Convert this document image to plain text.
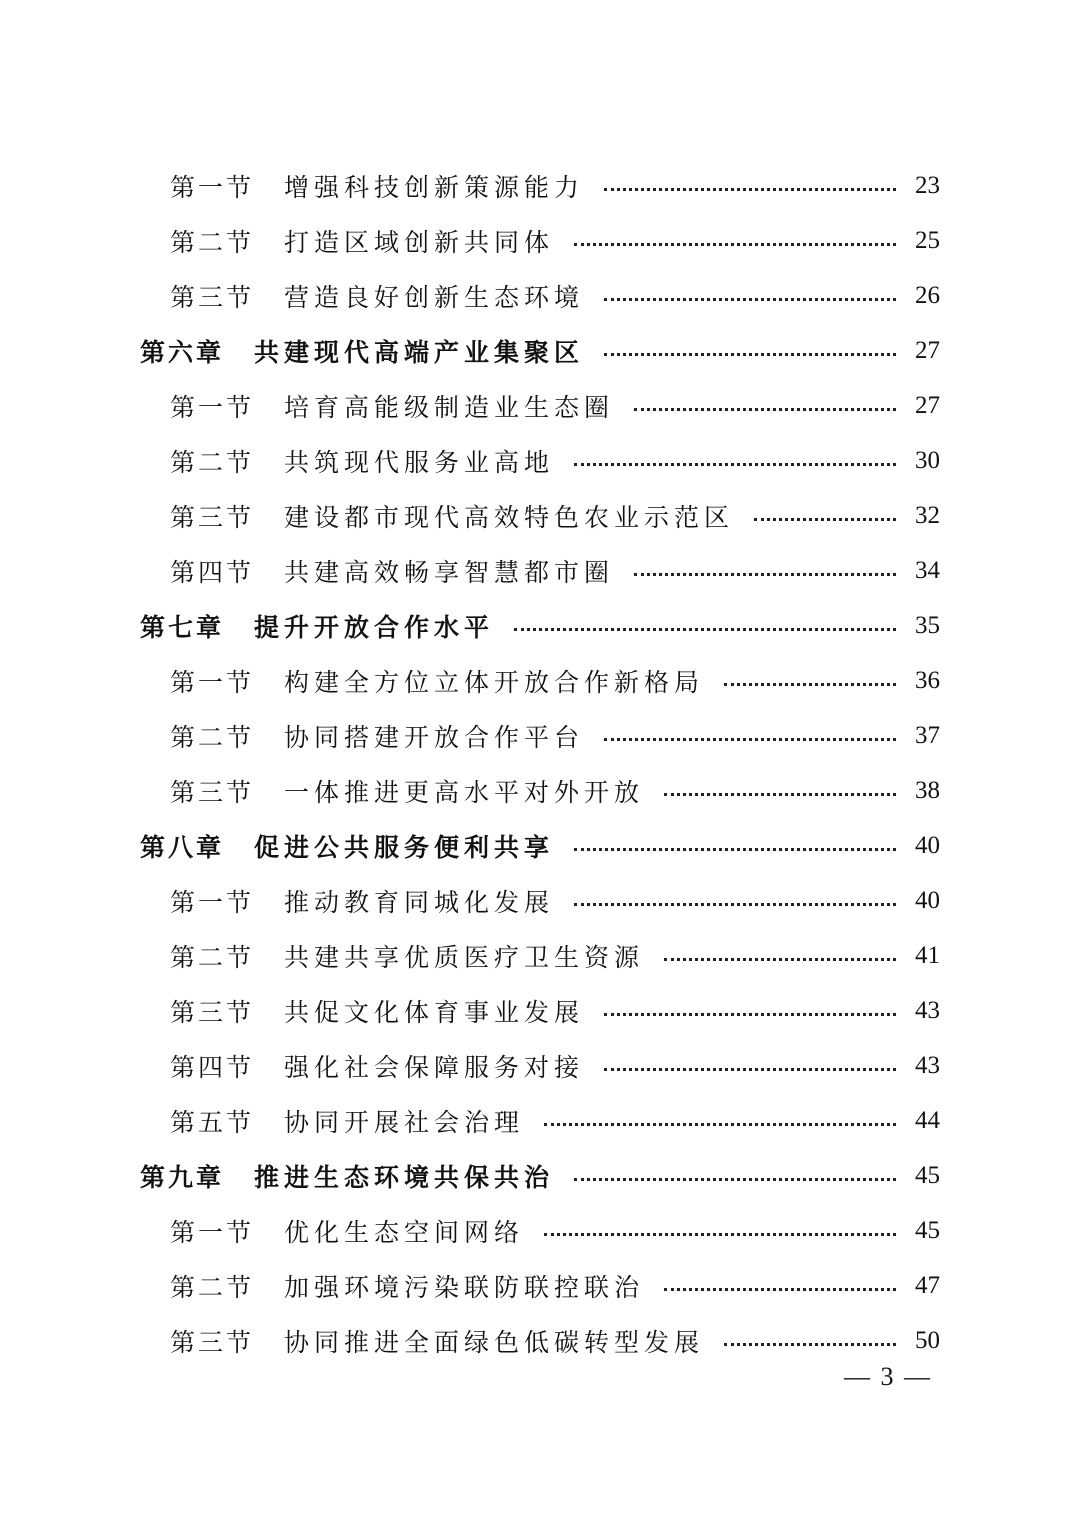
第一节	增强科技创新策源能力	23
第二节	打造区域创新共同体	25
第三节	营造良好创新生态环境	26
第六章	共建现代高端产业集聚区	27
第一节	培育高能级制造业生态圈	27
第二节	共筑现代服务业高地	30
第三节	建设都市现代高效特色农业示范区	32
第四节	共建高效畅享智慧都市圈	34
第七章	提升开放合作水平	35
第一节	构建全方位立体开放合作新格局	36
第二节	协同搭建开放合作平台	37
第三节	一体推进更高水平对外开放	38
第八章	促进公共服务便利共享	40
第一节	推动教育同城化发展	40
第二节	共建共享优质医疗卫生资源	41
第三节	共促文化体育事业发展	43
第四节	强化社会保障服务对接	43
第五节	协同开展社会治理	44
第九章	推进生态环境共保共治	45
第一节	优化生态空间网络	45
第二节	加强环境污染联防联控联治	47
第三节	协同推进全面绿色低碳转型发展	50
— 3 —
